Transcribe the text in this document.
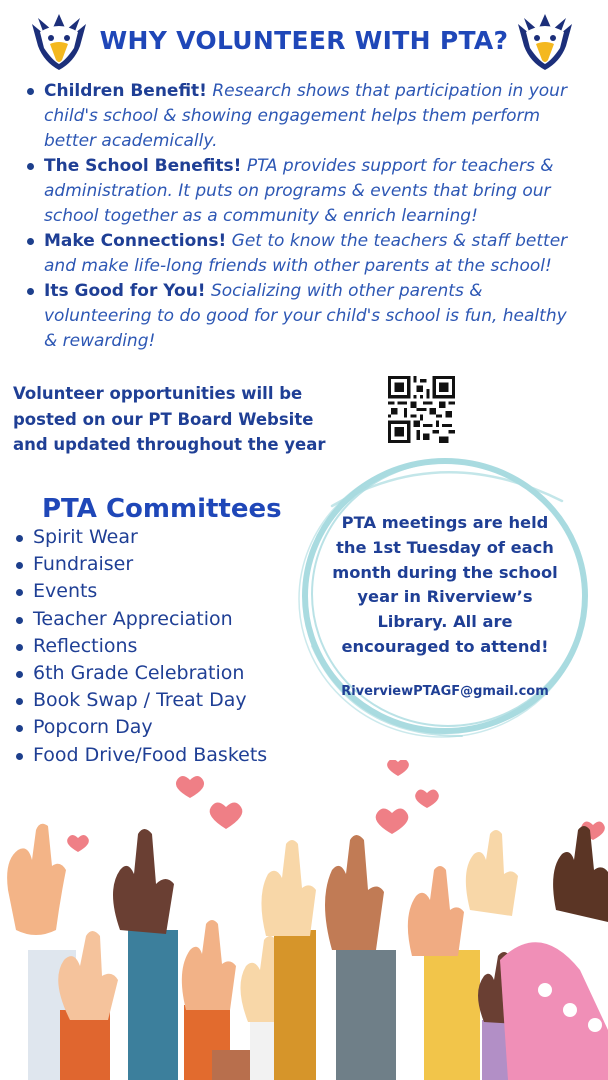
WHY VOLUNTEER WITH PTA?
Children Benefit! Research shows that participation in your child's school & showing engagement helps them perform better academically.
The School Benefits! PTA provides support for teachers & administration. It puts on programs & events that bring our school together as a community & enrich learning!
Make Connections! Get to know the teachers & staff better and make life-long friends with other parents at the school!
Its Good for You! Socializing with other parents & volunteering to do good for your child's school is fun, healthy & rewarding!
Volunteer opportunities will be
posted on our PT Board Website
and updated throughout the year
PTA Committees
Spirit Wear
Fundraiser
Events
Teacher Appreciation
Reflections
6th Grade Celebration
Book Swap / Treat Day
Popcorn Day
Food Drive/Food Baskets
PTA meetings are held
the 1st Tuesday of each
month during the school
year in Riverview’s
Library. All are
encouraged to attend!
RiverviewPTAGF@gmail.com
